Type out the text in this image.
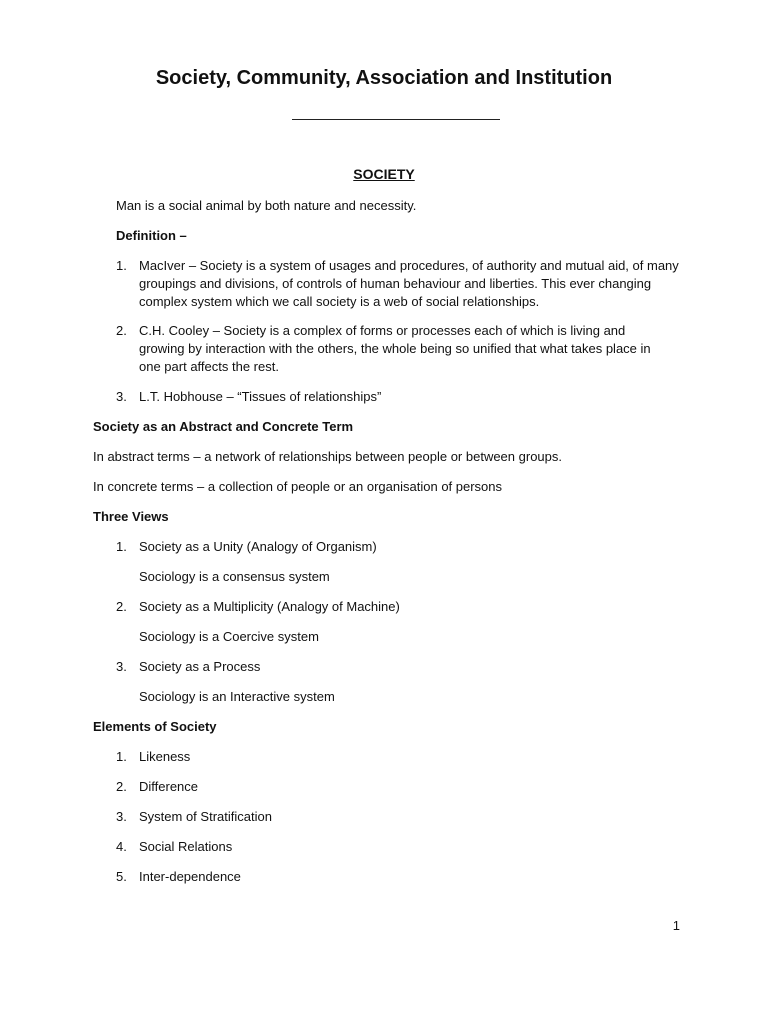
Society, Community, Association and Institution
SOCIETY
Man is a social animal by both nature and necessity.
Definition –
1. MacIver – Society is a system of usages and procedures, of authority and mutual aid, of many groupings and divisions, of controls of human behaviour and liberties. This ever changing complex system which we call society is a web of social relationships.
2. C.H. Cooley – Society is a complex of forms or processes each of which is living and growing by interaction with the others, the whole being so unified that what takes place in one part affects the rest.
3. L.T. Hobhouse – “Tissues of relationships”
Society as an Abstract and Concrete Term
In abstract terms – a network of relationships between people or between groups.
In concrete terms – a collection of people or an organisation of persons
Three Views
1. Society as a Unity (Analogy of Organism)
Sociology is a consensus system
2. Society as a Multiplicity (Analogy of Machine)
Sociology is a Coercive system
3. Society as a Process
Sociology is an Interactive system
Elements of Society
1. Likeness
2. Difference
3. System of Stratification
4. Social Relations
5. Inter-dependence
1
